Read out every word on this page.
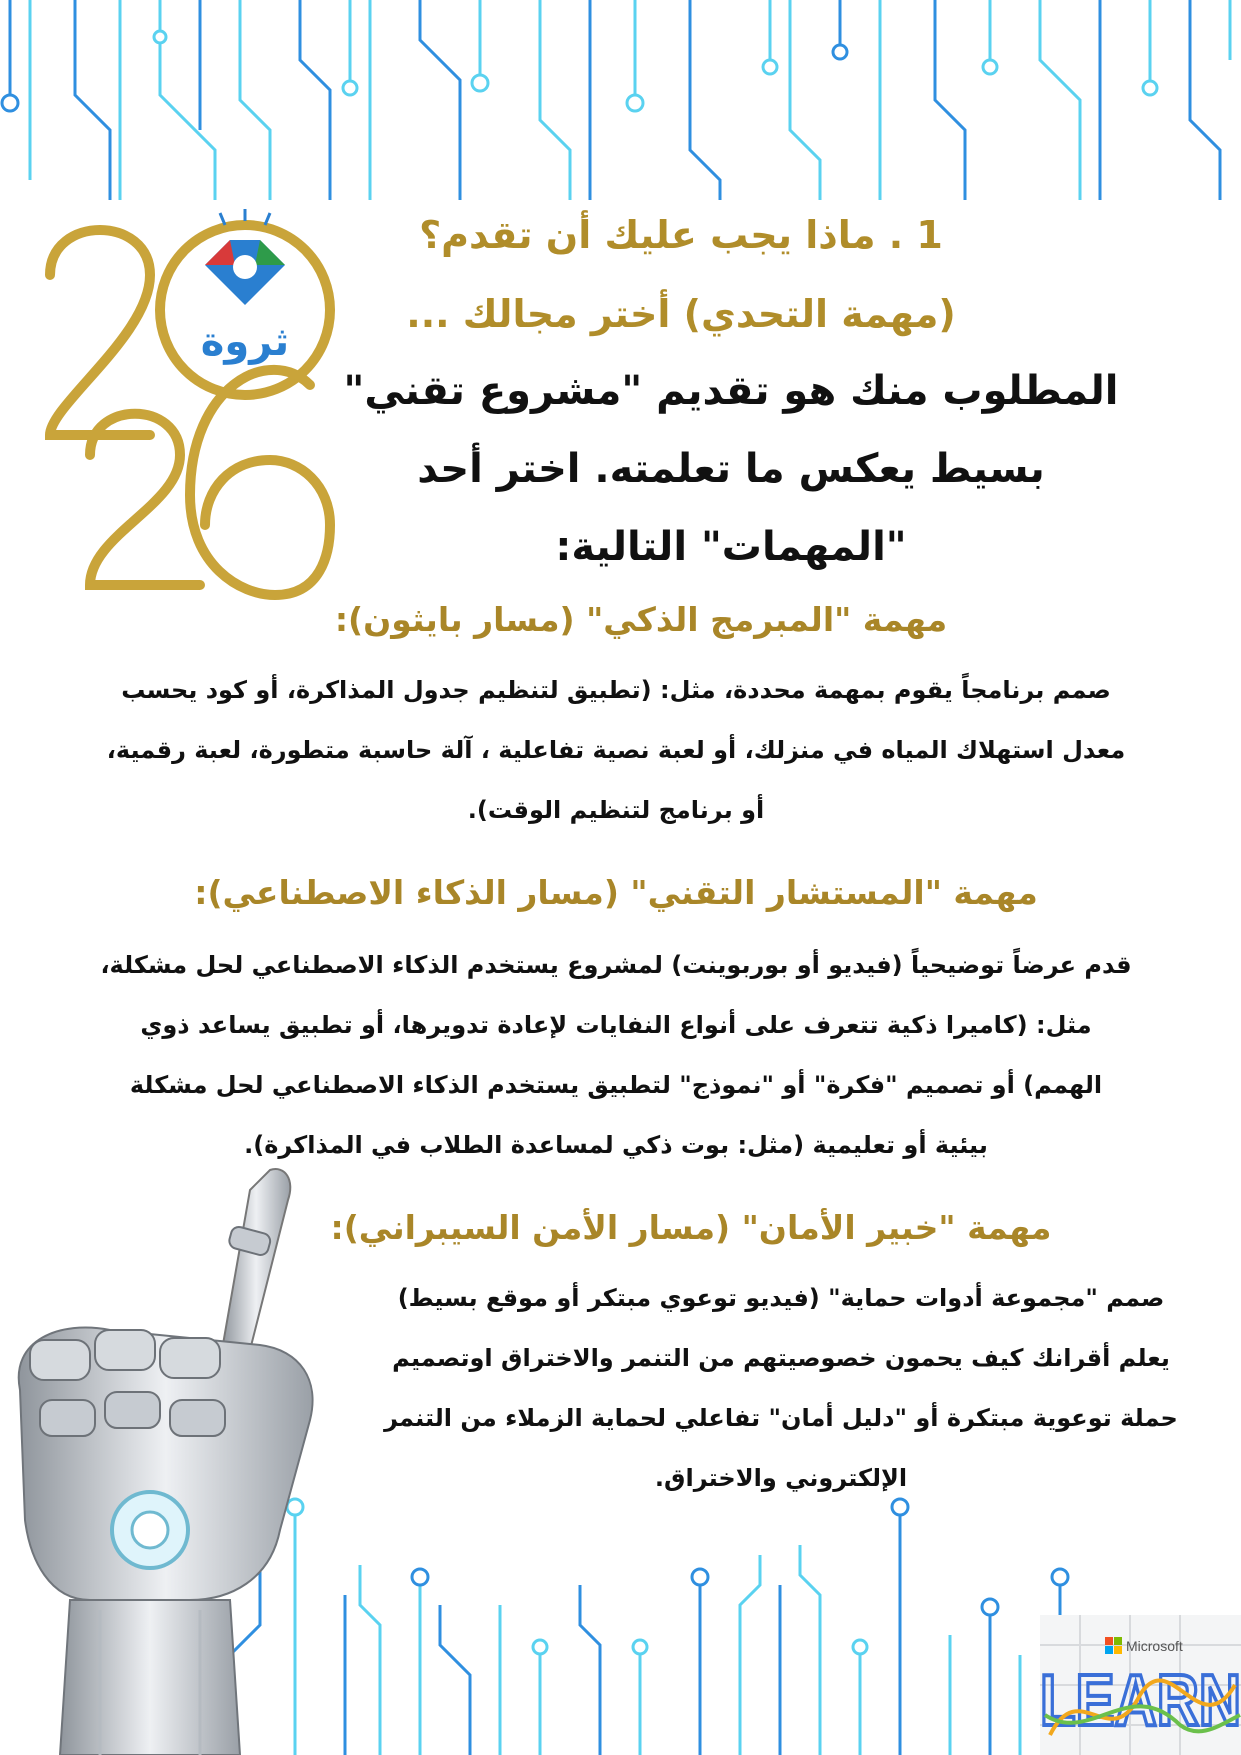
ثروة
1 . ماذا يجب عليك أن تقدم؟
(مهمة التحدي) أختر مجالك ...
المطلوب منك هو تقديم "مشروع تقني"
بسيط يعكس ما تعلمته. اختر أحد
"المهمات" التالية:
مهمة "المبرمج الذكي" (مسار بايثون):
صمم برنامجاً يقوم بمهمة محددة، مثل: (تطبيق لتنظيم جدول المذاكرة، أو كود يحسب
معدل استهلاك المياه في منزلك، أو لعبة نصية تفاعلية ، آلة حاسبة متطورة، لعبة رقمية،
أو برنامج لتنظيم الوقت).
مهمة "المستشار التقني" (مسار الذكاء الاصطناعي):
قدم عرضاً توضيحياً (فيديو أو بوربوينت) لمشروع يستخدم الذكاء الاصطناعي لحل مشكلة،
مثل: (كاميرا ذكية تتعرف على أنواع النفايات لإعادة تدويرها، أو تطبيق يساعد ذوي
الهمم) أو تصميم "فكرة" أو "نموذج" لتطبيق يستخدم الذكاء الاصطناعي لحل مشكلة
بيئية أو تعليمية (مثل: بوت ذكي لمساعدة الطلاب في المذاكرة).
مهمة "خبير الأمان" (مسار الأمن السيبراني):
صمم "مجموعة أدوات حماية" (فيديو توعوي مبتكر أو موقع بسيط)
يعلم أقرانك كيف يحمون خصوصيتهم من التنمر والاختراق اوتصميم
حملة توعوية مبتكرة أو "دليل أمان" تفاعلي لحماية الزملاء من التنمر
الإلكتروني والاختراق.
Microsoft
LEARN
